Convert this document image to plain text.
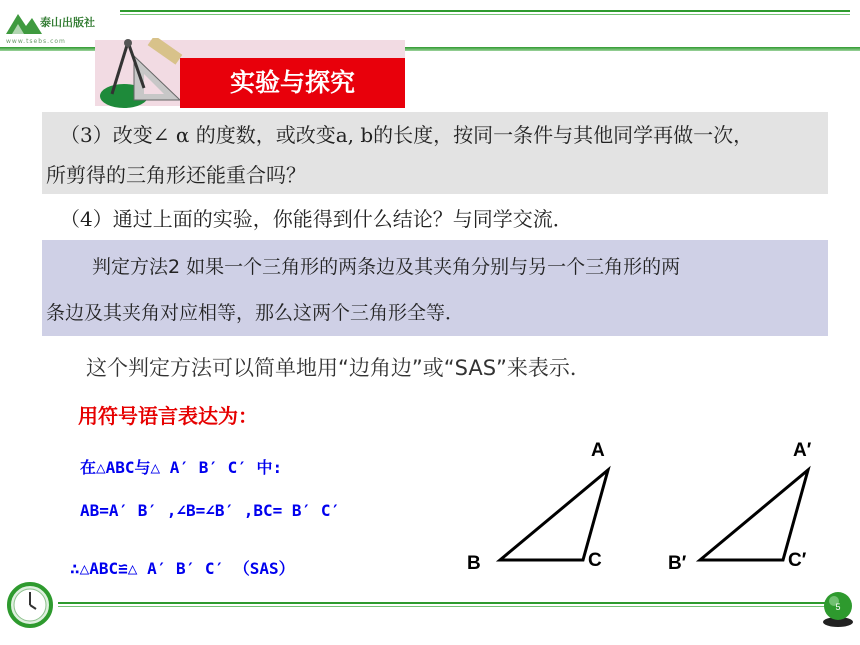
泰山出版社
www.tsebs.com
实验与探究
（3）改变∠ α 的度数，或改变a, b的长度，按同一条件与其他同学再做一次，
所剪得的三角形还能重合吗？
（4）通过上面的实验，你能得到什么结论？与同学交流．
判定方法2 如果一个三角形的两条边及其夹角分别与另一个三角形的两
条边及其夹角对应相等，那么这两个三角形全等．
这个判定方法可以简单地用“边角边”或“SAS”来表示．
用符号语言表达为：
在△ABC与△ A′ B′ C′ 中:
AB=A′ B′ ,∠B=∠B′ ,BC= B′ C′
∴△ABC≌△ A′ B′ C′ （SAS）
A
B	C
A′
B′	C′
5
